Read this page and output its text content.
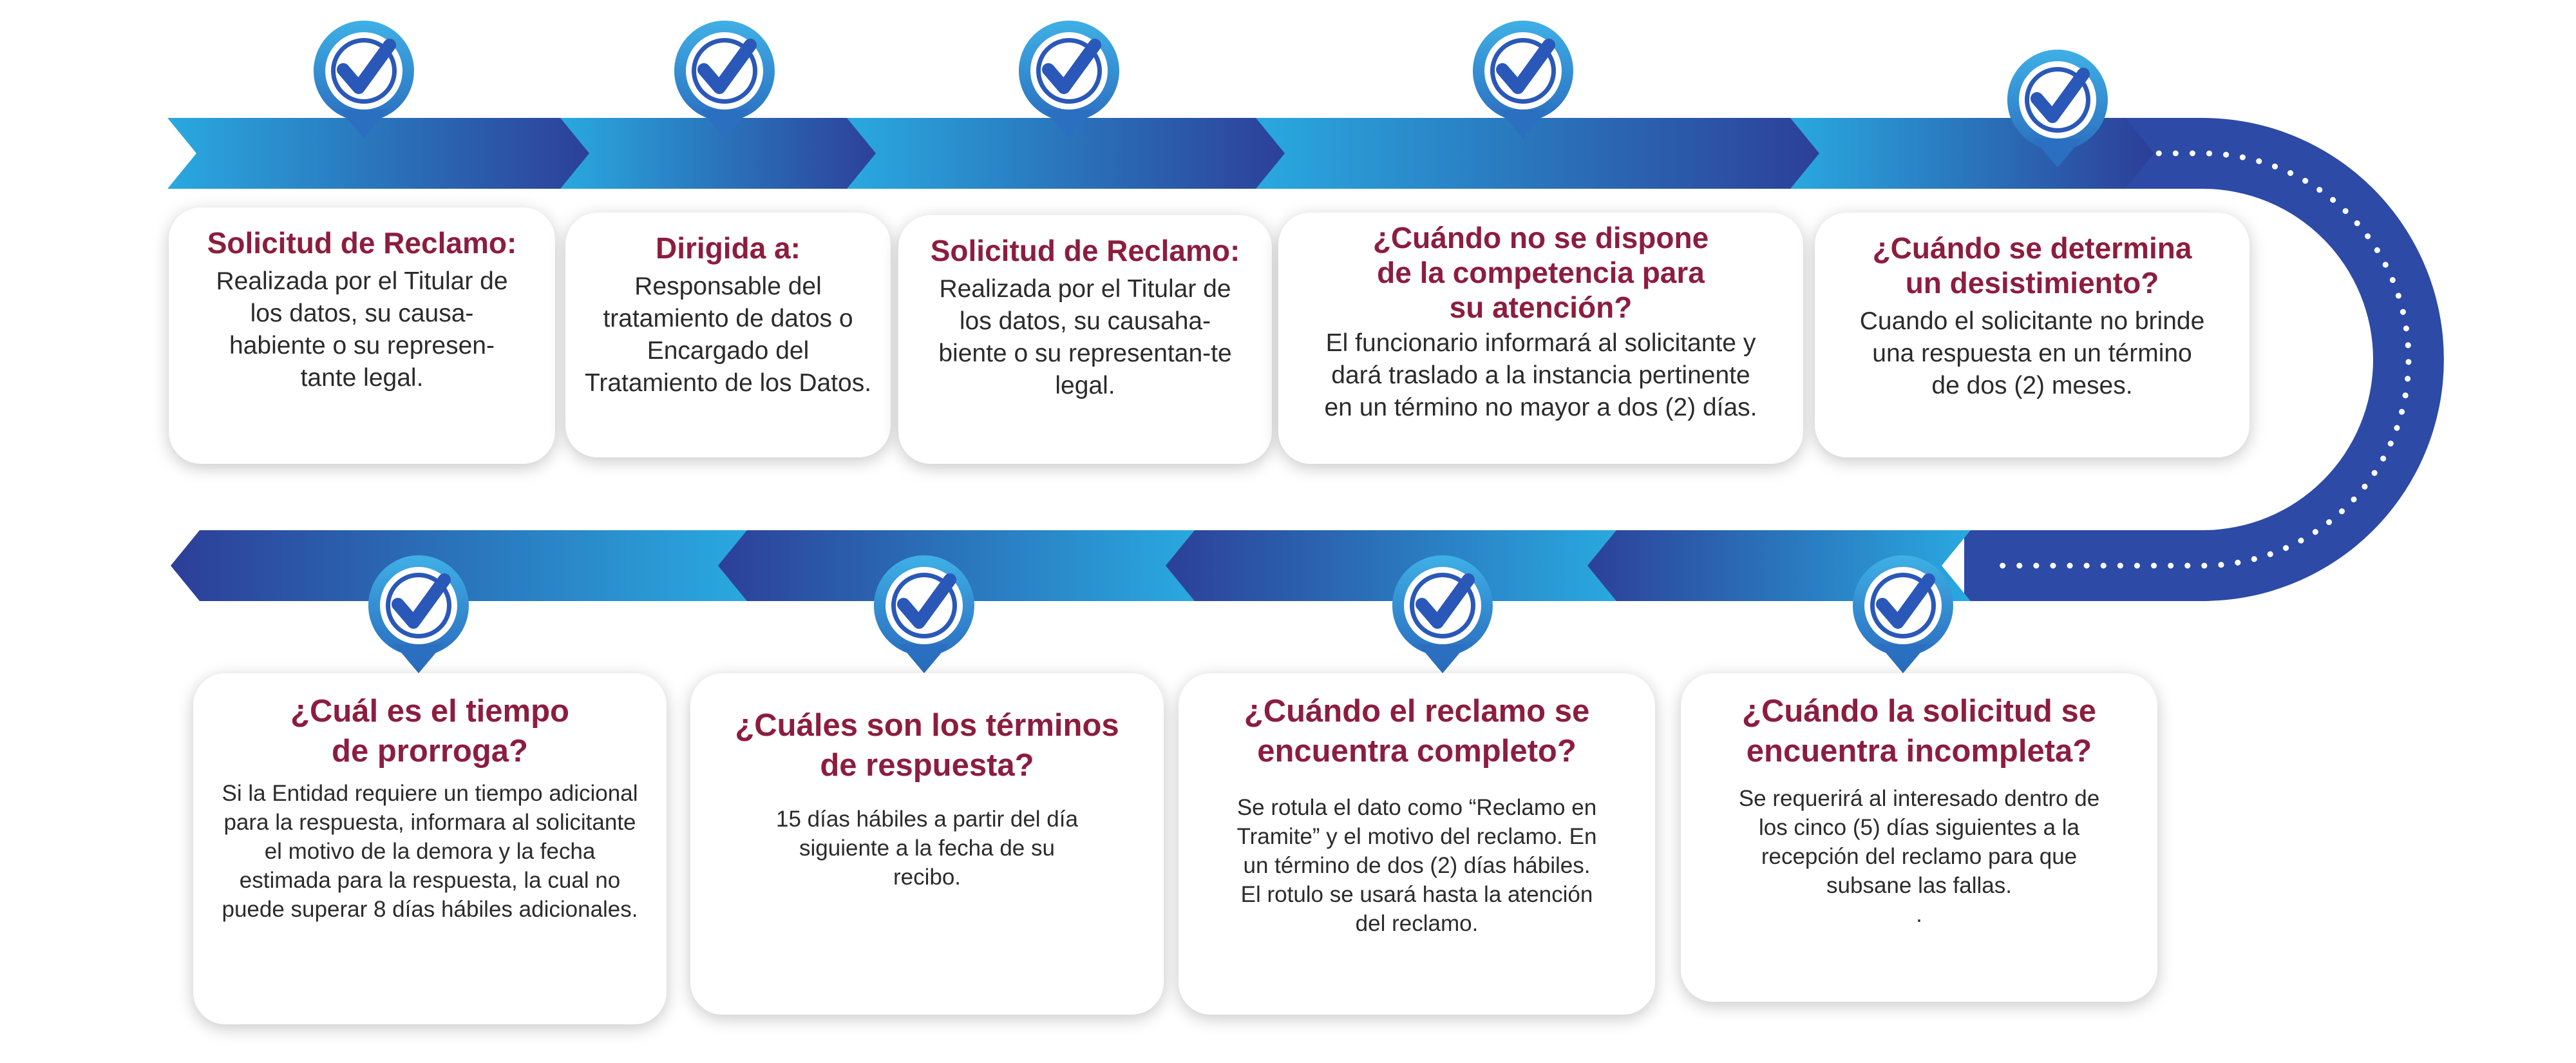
Solicitud de Reclamo:
Realizada por el Titular de los datos, su causa-habiente o su represen-tante legal.
Dirigida a:
Responsable del tratamiento de datos o Encargado del Tratamiento de los Datos.
Solicitud de Reclamo:
Realizada por el Titular de los datos, su causaha-biente o su representan-te legal.
¿Cuándo no se dispone de la competencia para su atención?
El funcionario informará al solicitante y dará traslado a la instancia pertinente en un término no mayor a dos (2) días.
¿Cuándo se determina un desistimiento?
Cuando el solicitante no brinde una respuesta en un término de dos (2) meses.
¿Cuál es el tiempo de prorroga?
Si la Entidad requiere un tiempo adicional para la respuesta, informara al solicitante el motivo de la demora y la fecha estimada para la respuesta, la cual no puede superar 8 días hábiles adicionales.
¿Cuáles son los términos de respuesta?
15 días hábiles a partir del día siguiente a la fecha de su recibo.
¿Cuándo el reclamo se encuentra completo?
Se rotula el dato como “Reclamo en Tramite” y el motivo del reclamo. En un término de dos (2) días hábiles. El rotulo se usará hasta la atención del reclamo.
¿Cuándo la solicitud se encuentra incompleta?
Se requerirá al interesado dentro de los cinco (5) días siguientes a la recepción del reclamo para que subsane las fallas.
.
